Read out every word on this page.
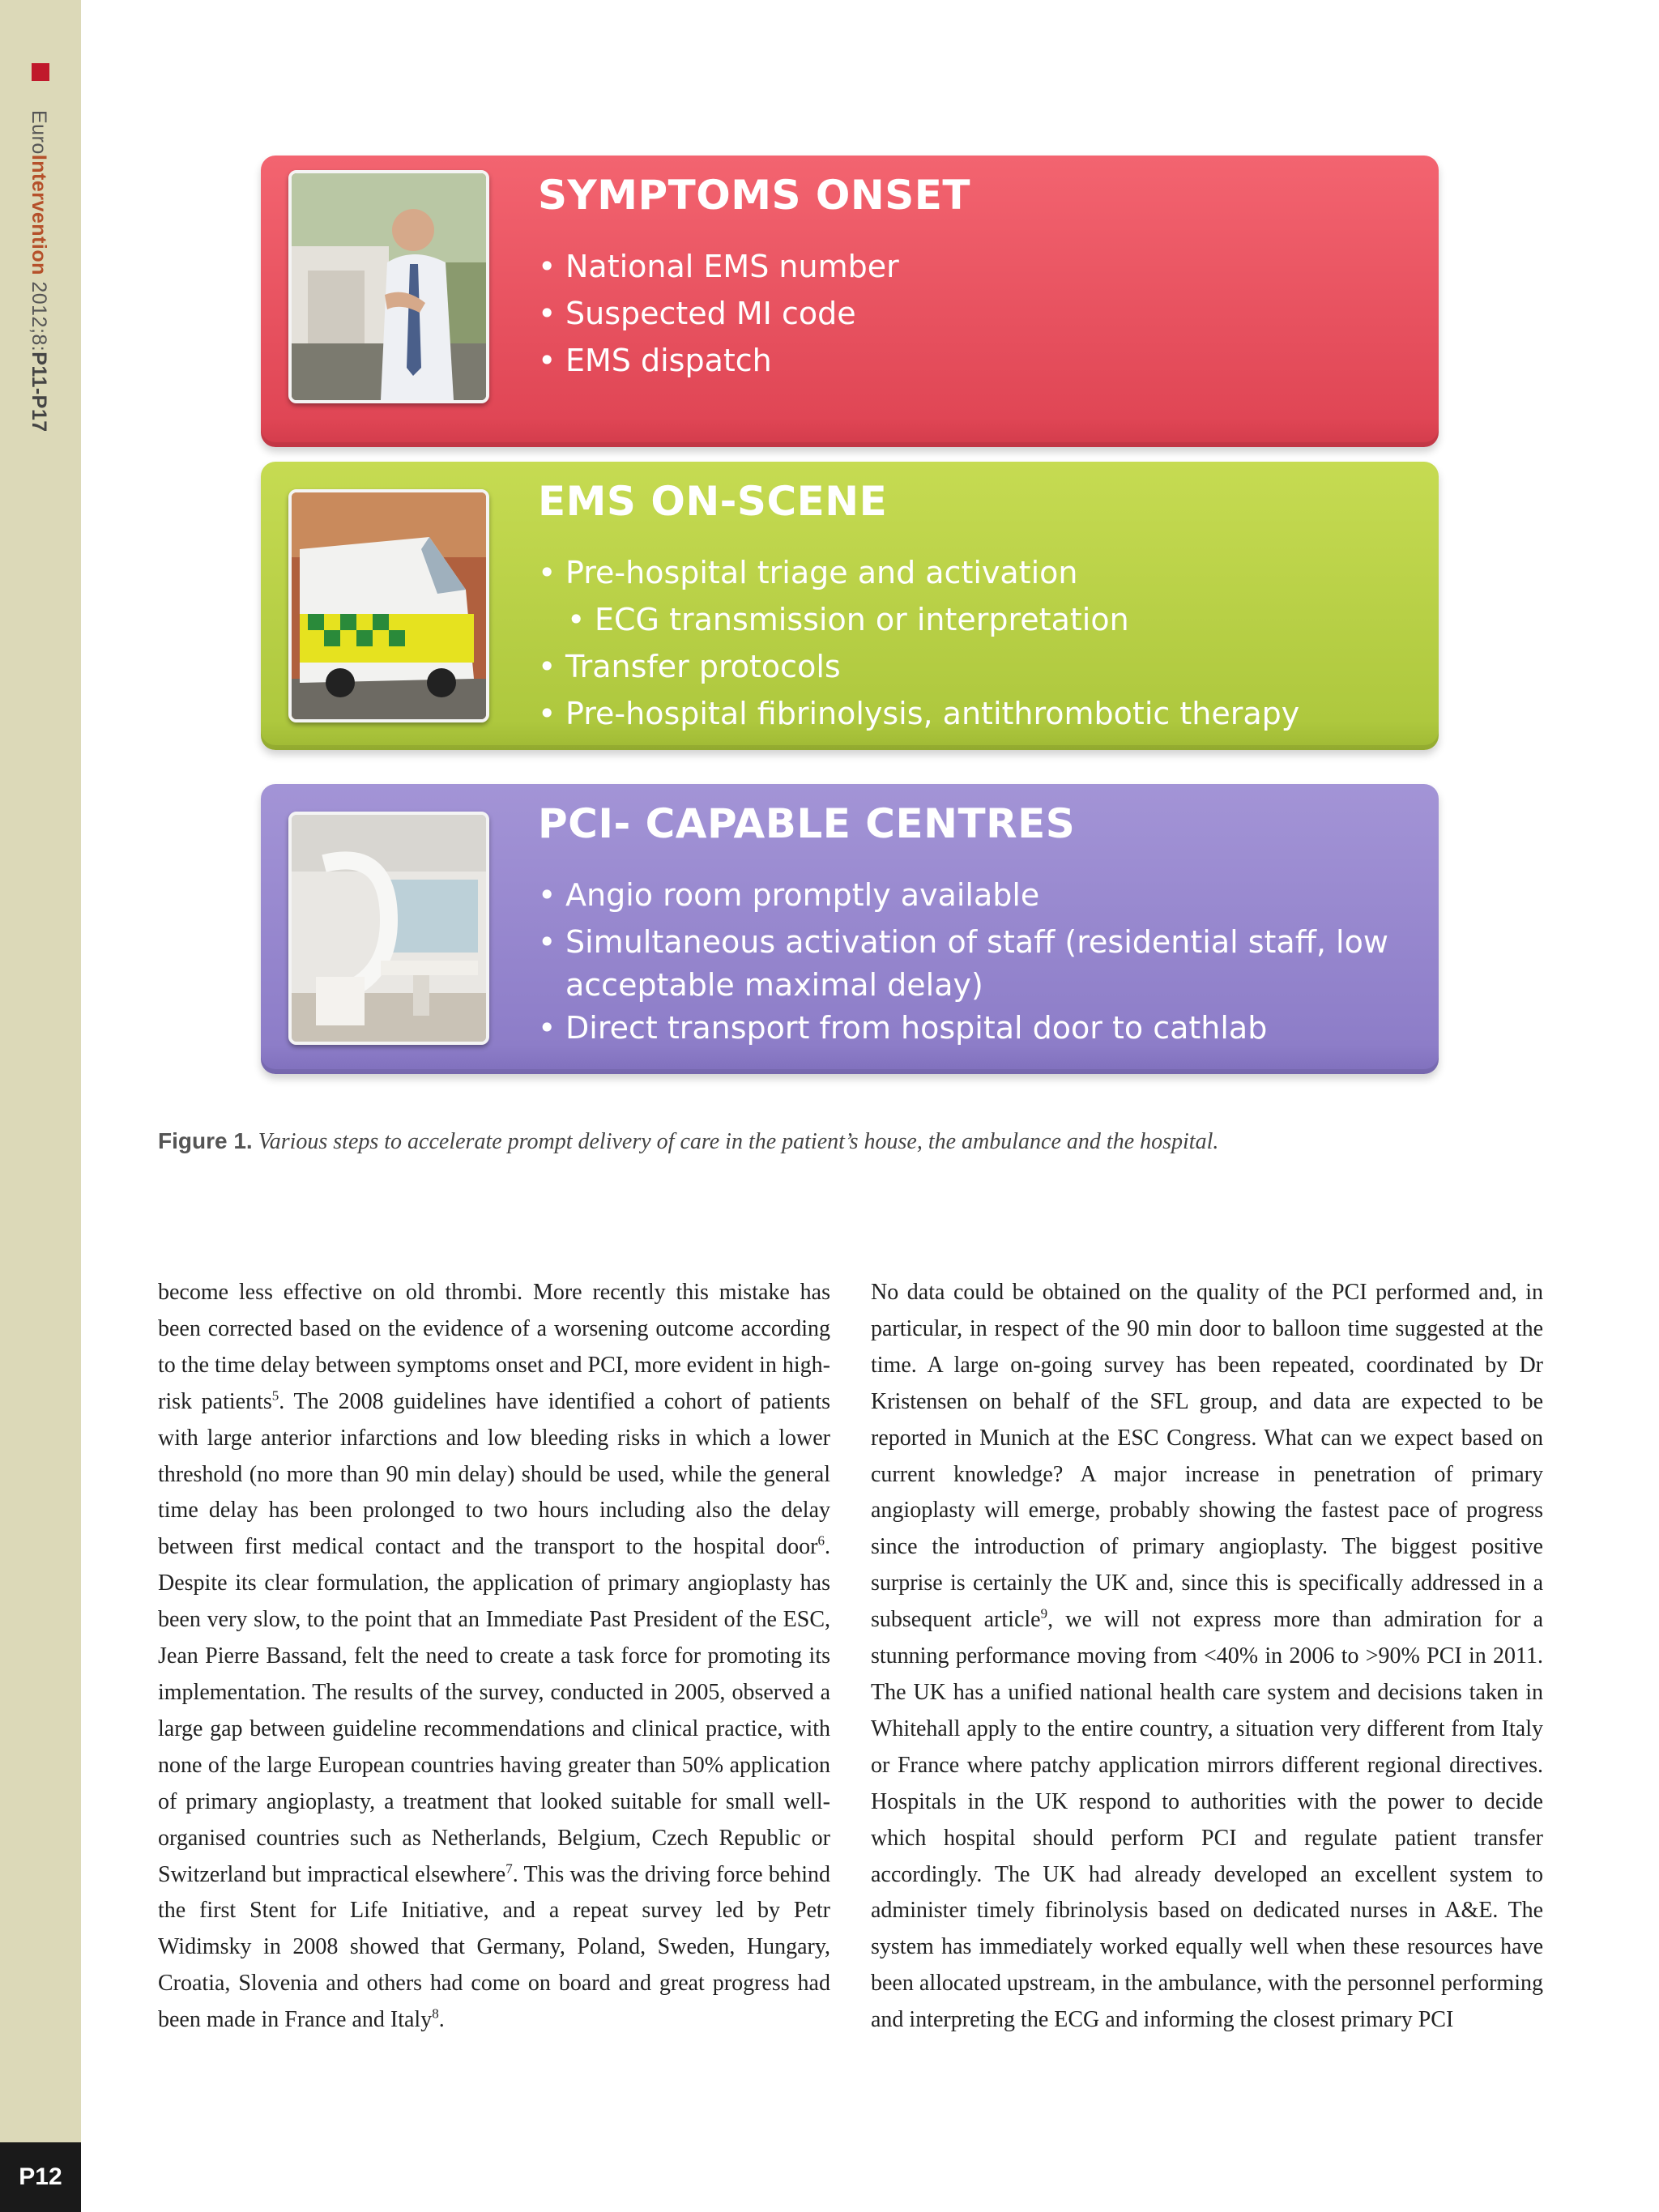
EuroIntervention 2012;8:P11-P17
P12
SYMPTOMS ONSET
• National EMS number
• Suspected MI code
• EMS dispatch
EMS ON-SCENE
• Pre-hospital triage and activation
• ECG transmission or interpretation
• Transfer protocols
• Pre-hospital fibrinolysis, antithrombotic therapy
PCI- CAPABLE CENTRES
• Angio room promptly available
• Simultaneous activation of staff (residential staff, low
acceptable maximal delay)
• Direct transport from hospital door to cathlab
Figure 1. Various steps to accelerate prompt delivery of care in the patient’s house, the ambulance and the hospital.
become less effective on old thrombi. More recently this mistake has been corrected based on the evidence of a worsening outcome according to the time delay between symptoms onset and PCI, more evident in high-risk patients$^5$. The 2008 guidelines have identified a cohort of patients with large anterior infarctions and low bleeding risks in which a lower threshold (no more than 90 min delay) should be used, while the general time delay has been prolonged to two hours including also the delay between first medical contact and the transport to the hospital door$^6$. Despite its clear formulation, the application of primary angioplasty has been very slow, to the point that an Immediate Past President of the ESC, Jean Pierre Bassand, felt the need to create a task force for promoting its implementation. The results of the survey, conducted in 2005, observed a large gap between guideline recommendations and clinical practice, with none of the large European countries having greater than 50% application of primary angioplasty, a treatment that looked suitable for small well-organised countries such as Netherlands, Belgium, Czech Republic or Switzerland but impractical elsewhere$^7$. This was the driving force behind the first Stent for Life Initiative, and a repeat survey led by Petr Widimsky in 2008 showed that Germany, Poland, Sweden, Hungary, Croatia, Slovenia and others had come on board and great progress had been made in France and Italy$^8$.
No data could be obtained on the quality of the PCI performed and, in particular, in respect of the 90 min door to balloon time suggested at the time. A large on-going survey has been repeated, coordinated by Dr Kristensen on behalf of the SFL group, and data are expected to be reported in Munich at the ESC Congress. What can we expect based on current knowledge? A major increase in penetration of primary angioplasty will emerge, probably showing the fastest pace of progress since the introduction of primary angioplasty. The biggest positive surprise is certainly the UK and, since this is specifically addressed in a subsequent article$^9$, we will not express more than admiration for a stunning performance moving from <40% in 2006 to >90% PCI in 2011. The UK has a unified national health care system and decisions taken in Whitehall apply to the entire country, a situation very different from Italy or France where patchy application mirrors different regional directives. Hospitals in the UK respond to authorities with the power to decide which hospital should perform PCI and regulate patient transfer accordingly. The UK had already developed an excellent system to administer timely fibrinolysis based on dedicated nurses in A&E. The system has immediately worked equally well when these resources have been allocated upstream, in the ambulance, with the personnel performing and interpreting the ECG and informing the closest primary PCI
